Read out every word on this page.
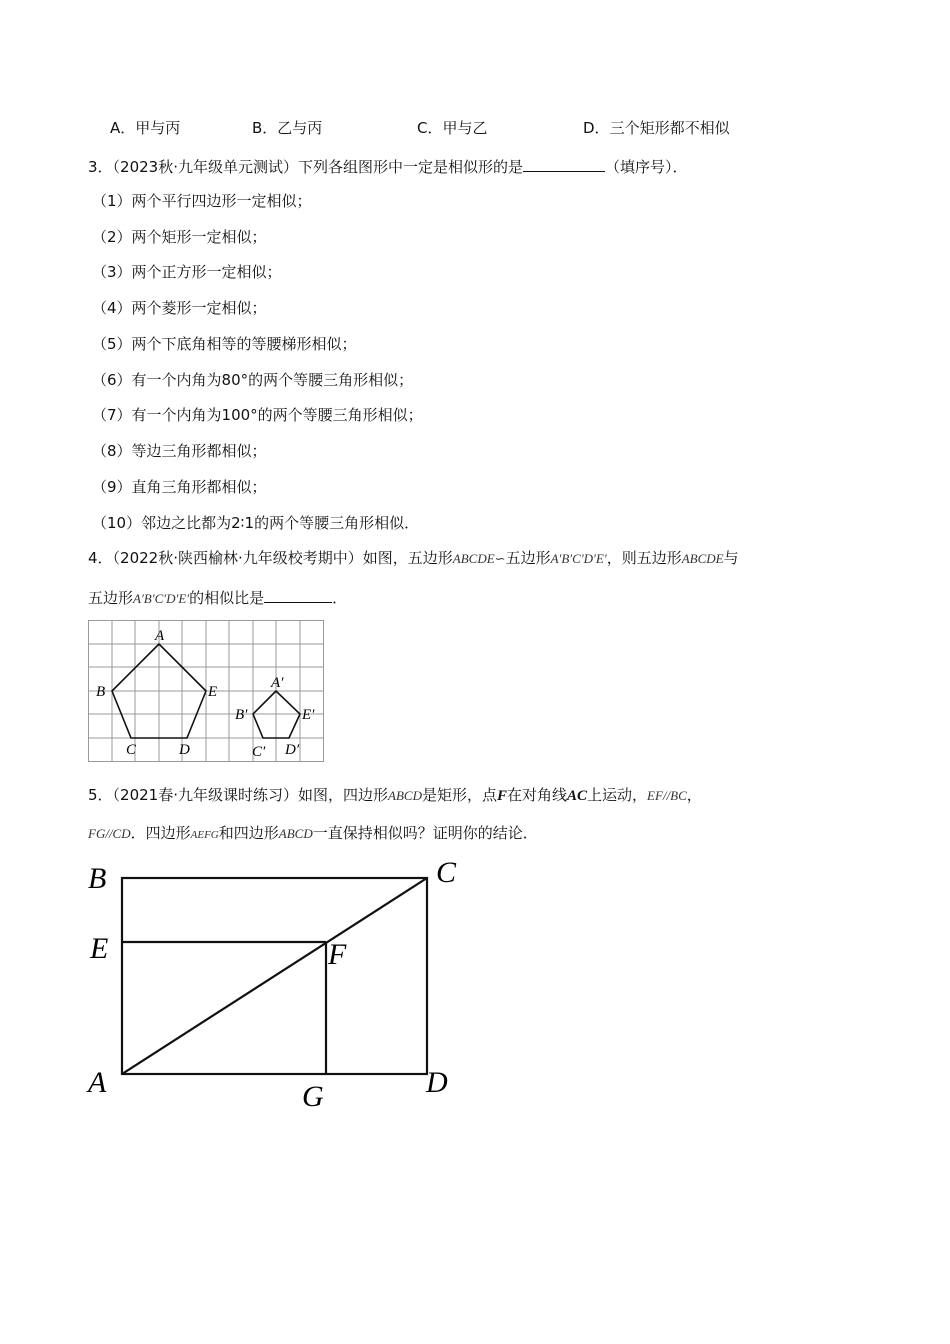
A．甲与丙	B．乙与丙	C．甲与乙	D．三个矩形都不相似
3．（2023秋·九年级单元测试）下列各组图形中一定是相似形的是	（填序号）．
（1）两个平行四边形一定相似；
（2）两个矩形一定相似；
（3）两个正方形一定相似；
（4）两个菱形一定相似；
（5）两个下底角相等的等腰梯形相似；
（6）有一个内角为80°的两个等腰三角形相似；
（7）有一个内角为100°的两个等腰三角形相似；
（8）等边三角形都相似；
（9）直角三角形都相似；
（10）邻边之比都为2∶1的两个等腰三角形相似．
4．（2022秋·陕西榆林·九年级校考期中）如图，五边形ABCDE∽五边形A′B′C′D′E′，则五边形ABCDE与
五边形A′B′C′D′E′的相似比是	．
A
B
C	D
E
A′
B′
C′ D′
E′
5．（2021春·九年级课时练习）如图，四边形ABCD是矩形，点F在对角线AC上运动，EF//BC，
FG//CD．四边形AEFG和四边形ABCD一直保持相似吗？证明你的结论．
B	C
E	F
A	G	D
